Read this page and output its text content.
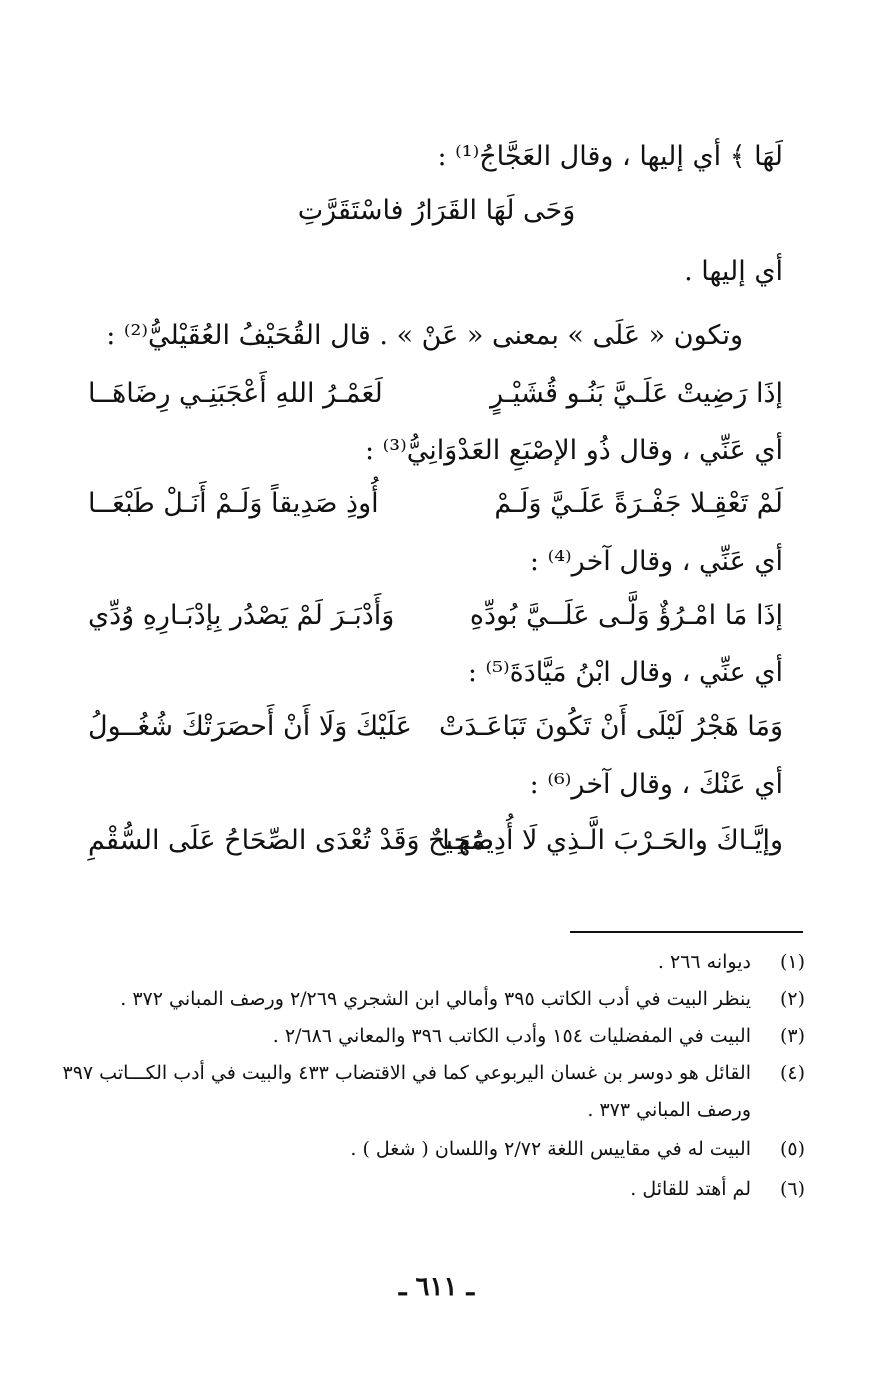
لَهَا ﴾ أي إليها ، وقال العَجَّاجُ⁽¹⁾ :
وَحَى لَهَا القَرَارُ فاسْتَقَرَّتِ
أي إليها .
وتكون « عَلَى » بمعنى « عَنْ » . قال القُحَيْفُ العُقَيْليُّ⁽²⁾ :
إذَا رَضِيتْ عَلَـيَّ بَنُـو قُشَيْـرٍ
لَعَمْـرُ اللهِ أَعْجَبَنِـي رِضَاهَــا
أي عَنِّي ، وقال ذُو الإصْبَعِ العَدْوَانِيُّ⁽³⁾ :
لَمْ تَعْقِـلا جَفْـرَةً عَلَـيَّ وَلَـمْ
أُوذِ صَدِيقاً وَلَـمْ أَنَـلْ طَبْعَــا
أي عَنِّي ، وقال آخر⁽⁴⁾ :
إذَا مَا امْـرُؤٌ وَلَّـى عَلَــيَّ بُودِّهِ
وَأَدْبَـرَ لَمْ يَصْدُر بِإدْبَـارِهِ وُدِّي
أي عنِّي ، وقال ابْنُ مَيَّادَةَ⁽⁵⁾ :
وَمَا هَجْرُ لَيْلَى أَنْ تَكُونَ تَبَاعَـدَتْ
عَلَيْكَ وَلَا أَنْ أَحصَرَتْكَ شُغُــولُ
أي عَنْكَ ، وقال آخر⁽⁶⁾ :
وإيَّـاكَ والحَـرْبَ الَّـذِي لَا أُدِيمُهَـا
صَحِيحٌ وَقَدْ تُعْدَى الصِّحَاحُ عَلَى السُّقْمِ
(١)
ديوانه ٢٦٦ .
(٢)
ينظر البيت في أدب الكاتب ٣٩٥ وأمالي ابن الشجري ٢/٢٦٩ ورصف المباني ٣٧٢ .
(٣)
البيت في المفضليات ١٥٤ وأدب الكاتب ٣٩٦ والمعاني ٢/٦٨٦ .
(٤)
القائل هو دوسر بن غسان اليربوعي كما في الاقتضاب ٤٣٣ والبيت في أدب الكـــاتب ٣٩٧
ورصف المباني ٣٧٣ .
(٥)
البيت له في مقاييس اللغة ٢/٧٢ واللسان ( شغل ) .
(٦)
لم أهتد للقائل .
ـ ٦١١ ـ
